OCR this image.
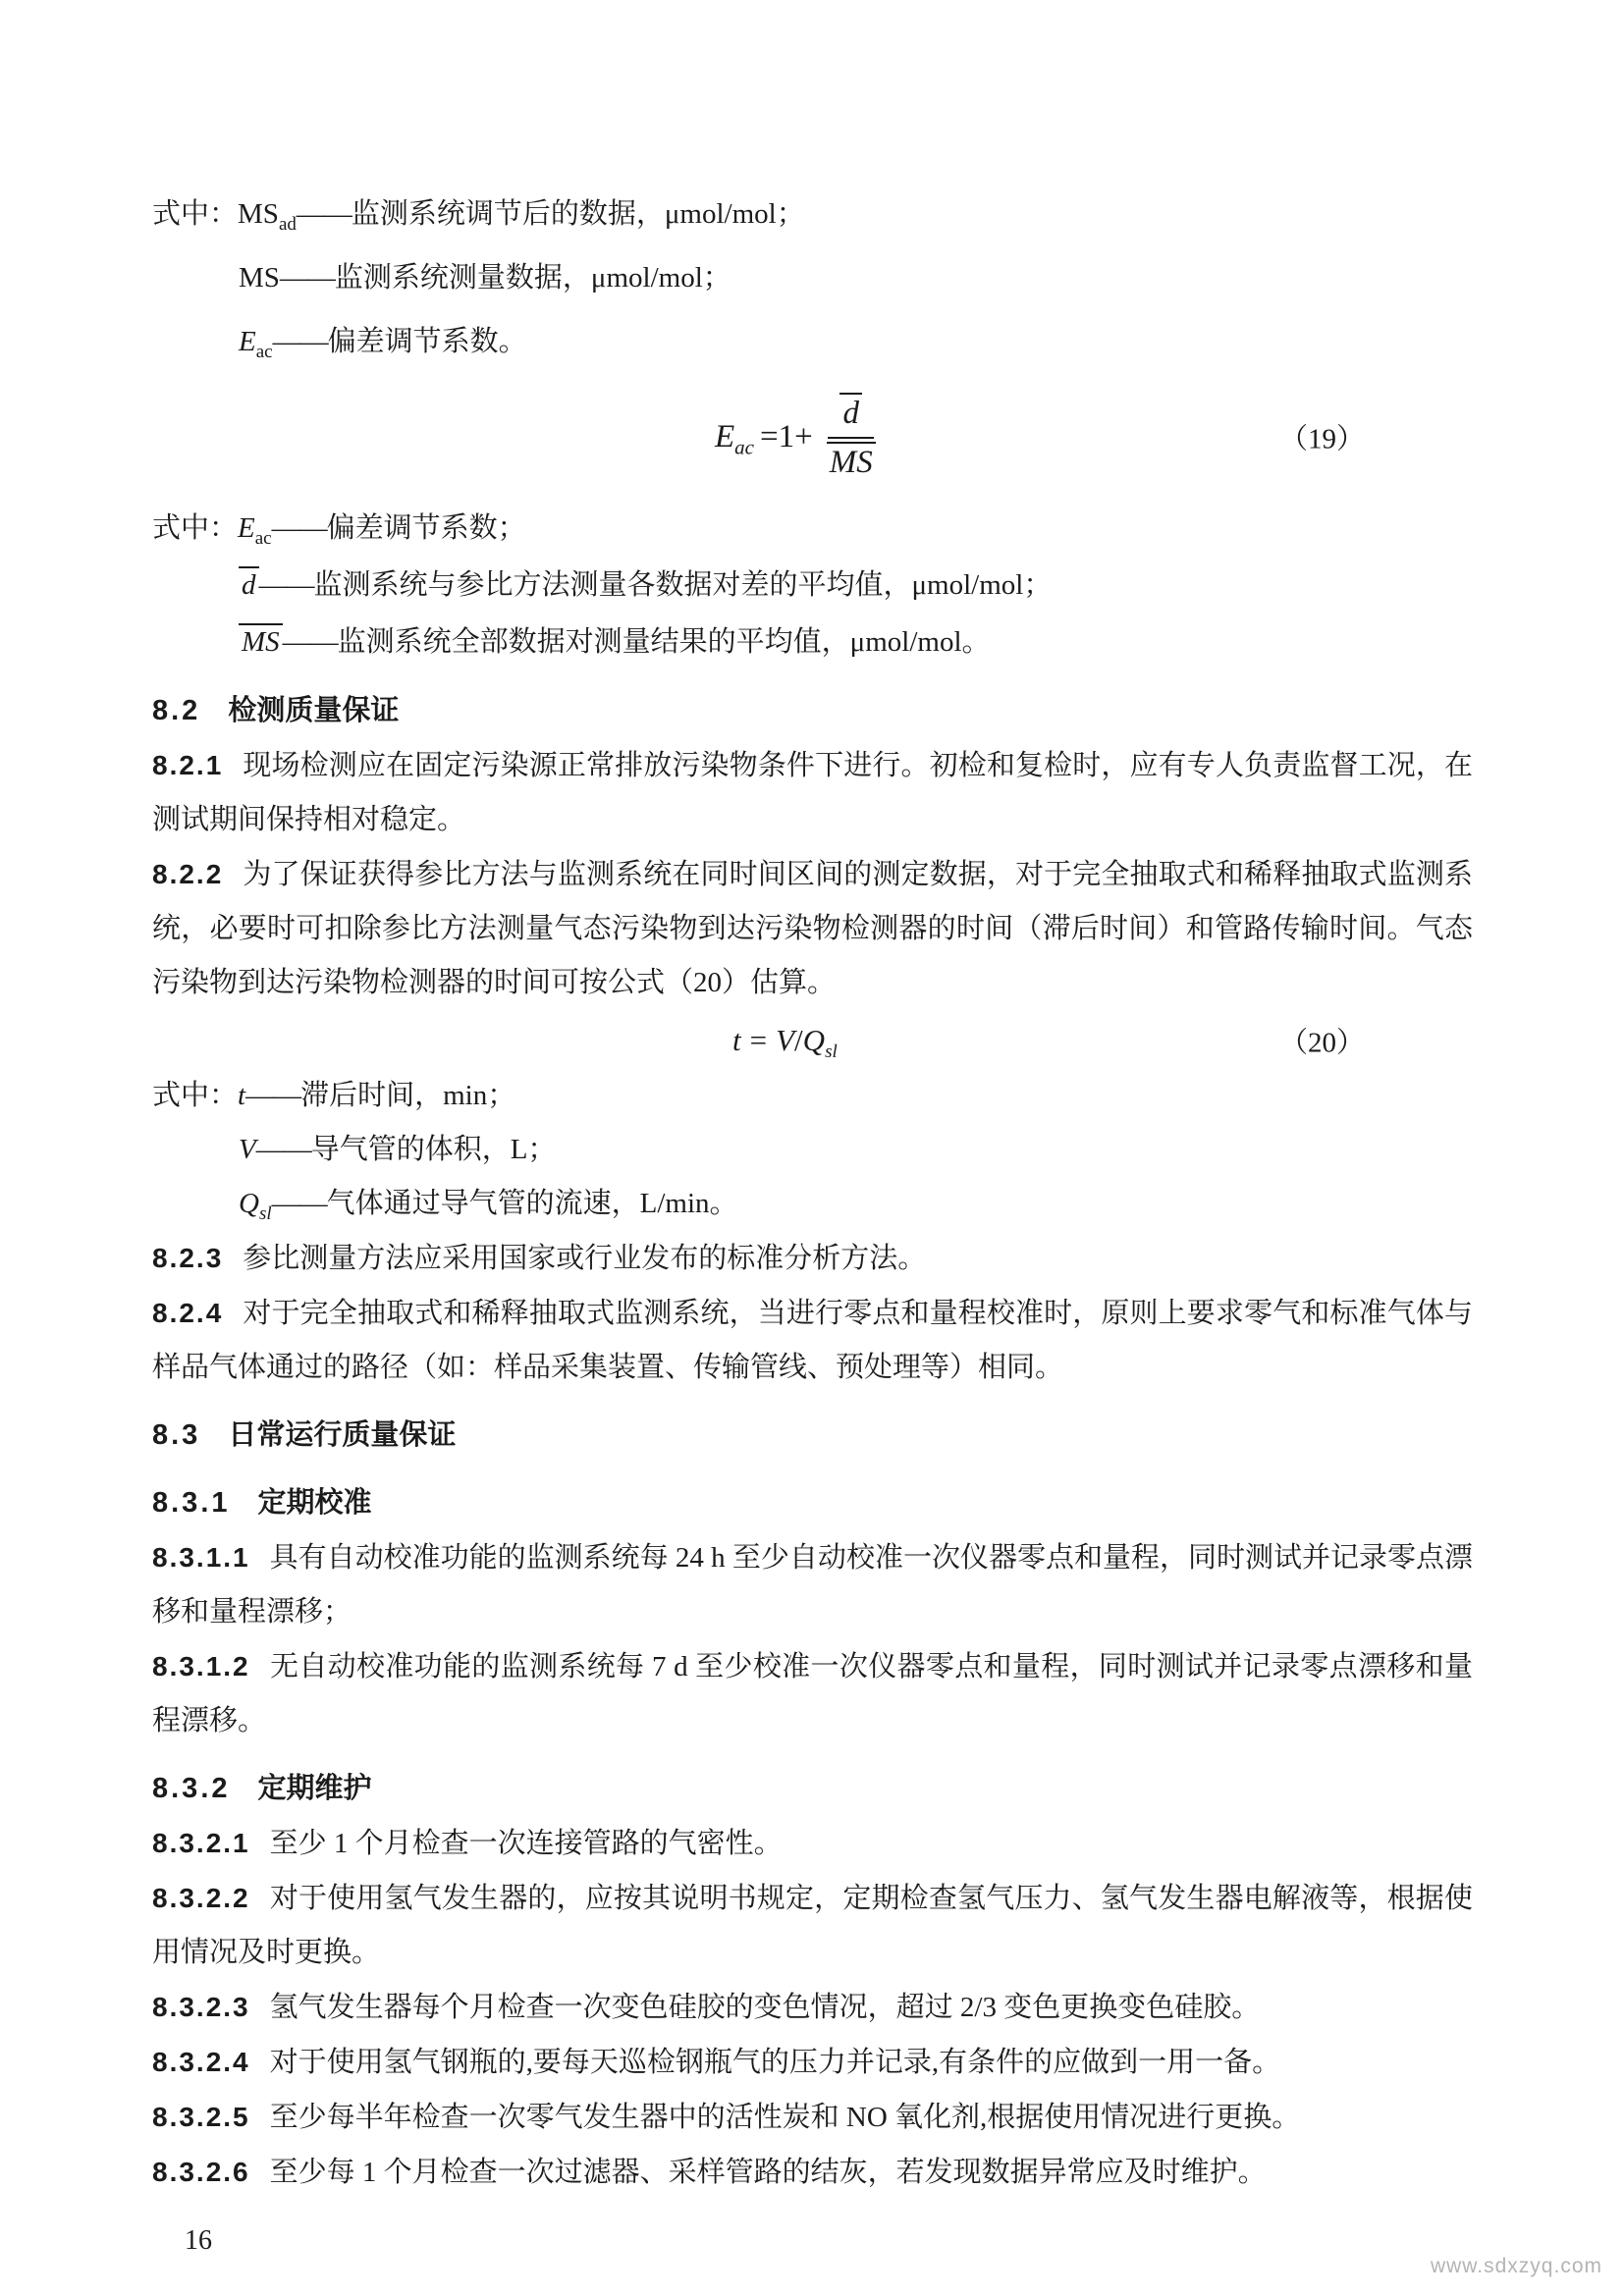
式中：$MS_{ad}——$监测系统调节后的数据，μmol/mol；
MS——监测系统测量数据，μmol/mol；
$E_{ac}——$偏差调节系数。
$E_{ac} =1+ \frac{d}{MS}$	（19）
式中：$E_{ac}——$偏差调节系数；
d ——监测系统与参比方法测量各数据对差的平均值，μmol/mol；
MS ——监测系统全部数据对测量结果的平均值，μmol/mol。
8.2 检测质量保证

8.2.1 现场检测应在固定污染源正常排放污染物条件下进行。初检和复检时，应有专人负责监督工况，在测试期间保持相对稳定。

8.2.2 为了保证获得参比方法与监测系统在同时间区间的测定数据，对于完全抽取式和稀释抽取式监测系统，必要时可扣除参比方法测量气态污染物到达污染物检测器的时间（滞后时间）和管路传输时间。气态污染物到达污染物检测器的时间可按公式（20）估算。

$t = V/Q_{sl}$	（20）
式中：t——滞后时间，min；
V——导气管的体积，L；
$Q_{sl}——$气体通过导气管的流速，L/min。

8.2.3 参比测量方法应采用国家或行业发布的标准分析方法。

8.2.4 对于完全抽取式和稀释抽取式监测系统，当进行零点和量程校准时，原则上要求零气和标准气体与样品气体通过的路径（如：样品采集装置、传输管线、预处理等）相同。

8.3 日常运行质量保证
8.3.1 定期校准

8.3.1.1 具有自动校准功能的监测系统每 24 h 至少自动校准一次仪器零点和量程，同时测试并记录零点漂移和量程漂移；

8.3.1.2 无自动校准功能的监测系统每 7 d 至少校准一次仪器零点和量程，同时测试并记录零点漂移和量程漂移。

8.3.2 定期维护

8.3.2.1 至少 1 个月检查一次连接管路的气密性。

8.3.2.2 对于使用氢气发生器的，应按其说明书规定，定期检查氢气压力、氢气发生器电解液等，根据使用情况及时更换。

8.3.2.3 氢气发生器每个月检查一次变色硅胶的变色情况，超过 2/3 变色更换变色硅胶。

8.3.2.4 对于使用氢气钢瓶的,要每天巡检钢瓶气的压力并记录,有条件的应做到一用一备。

8.3.2.5 至少每半年检查一次零气发生器中的活性炭和 NO 氧化剂,根据使用情况进行更换。

8.3.2.6 至少每 1 个月检查一次过滤器、采样管路的结灰，若发现数据异常应及时维护。

16
www.sdxzyq.com
